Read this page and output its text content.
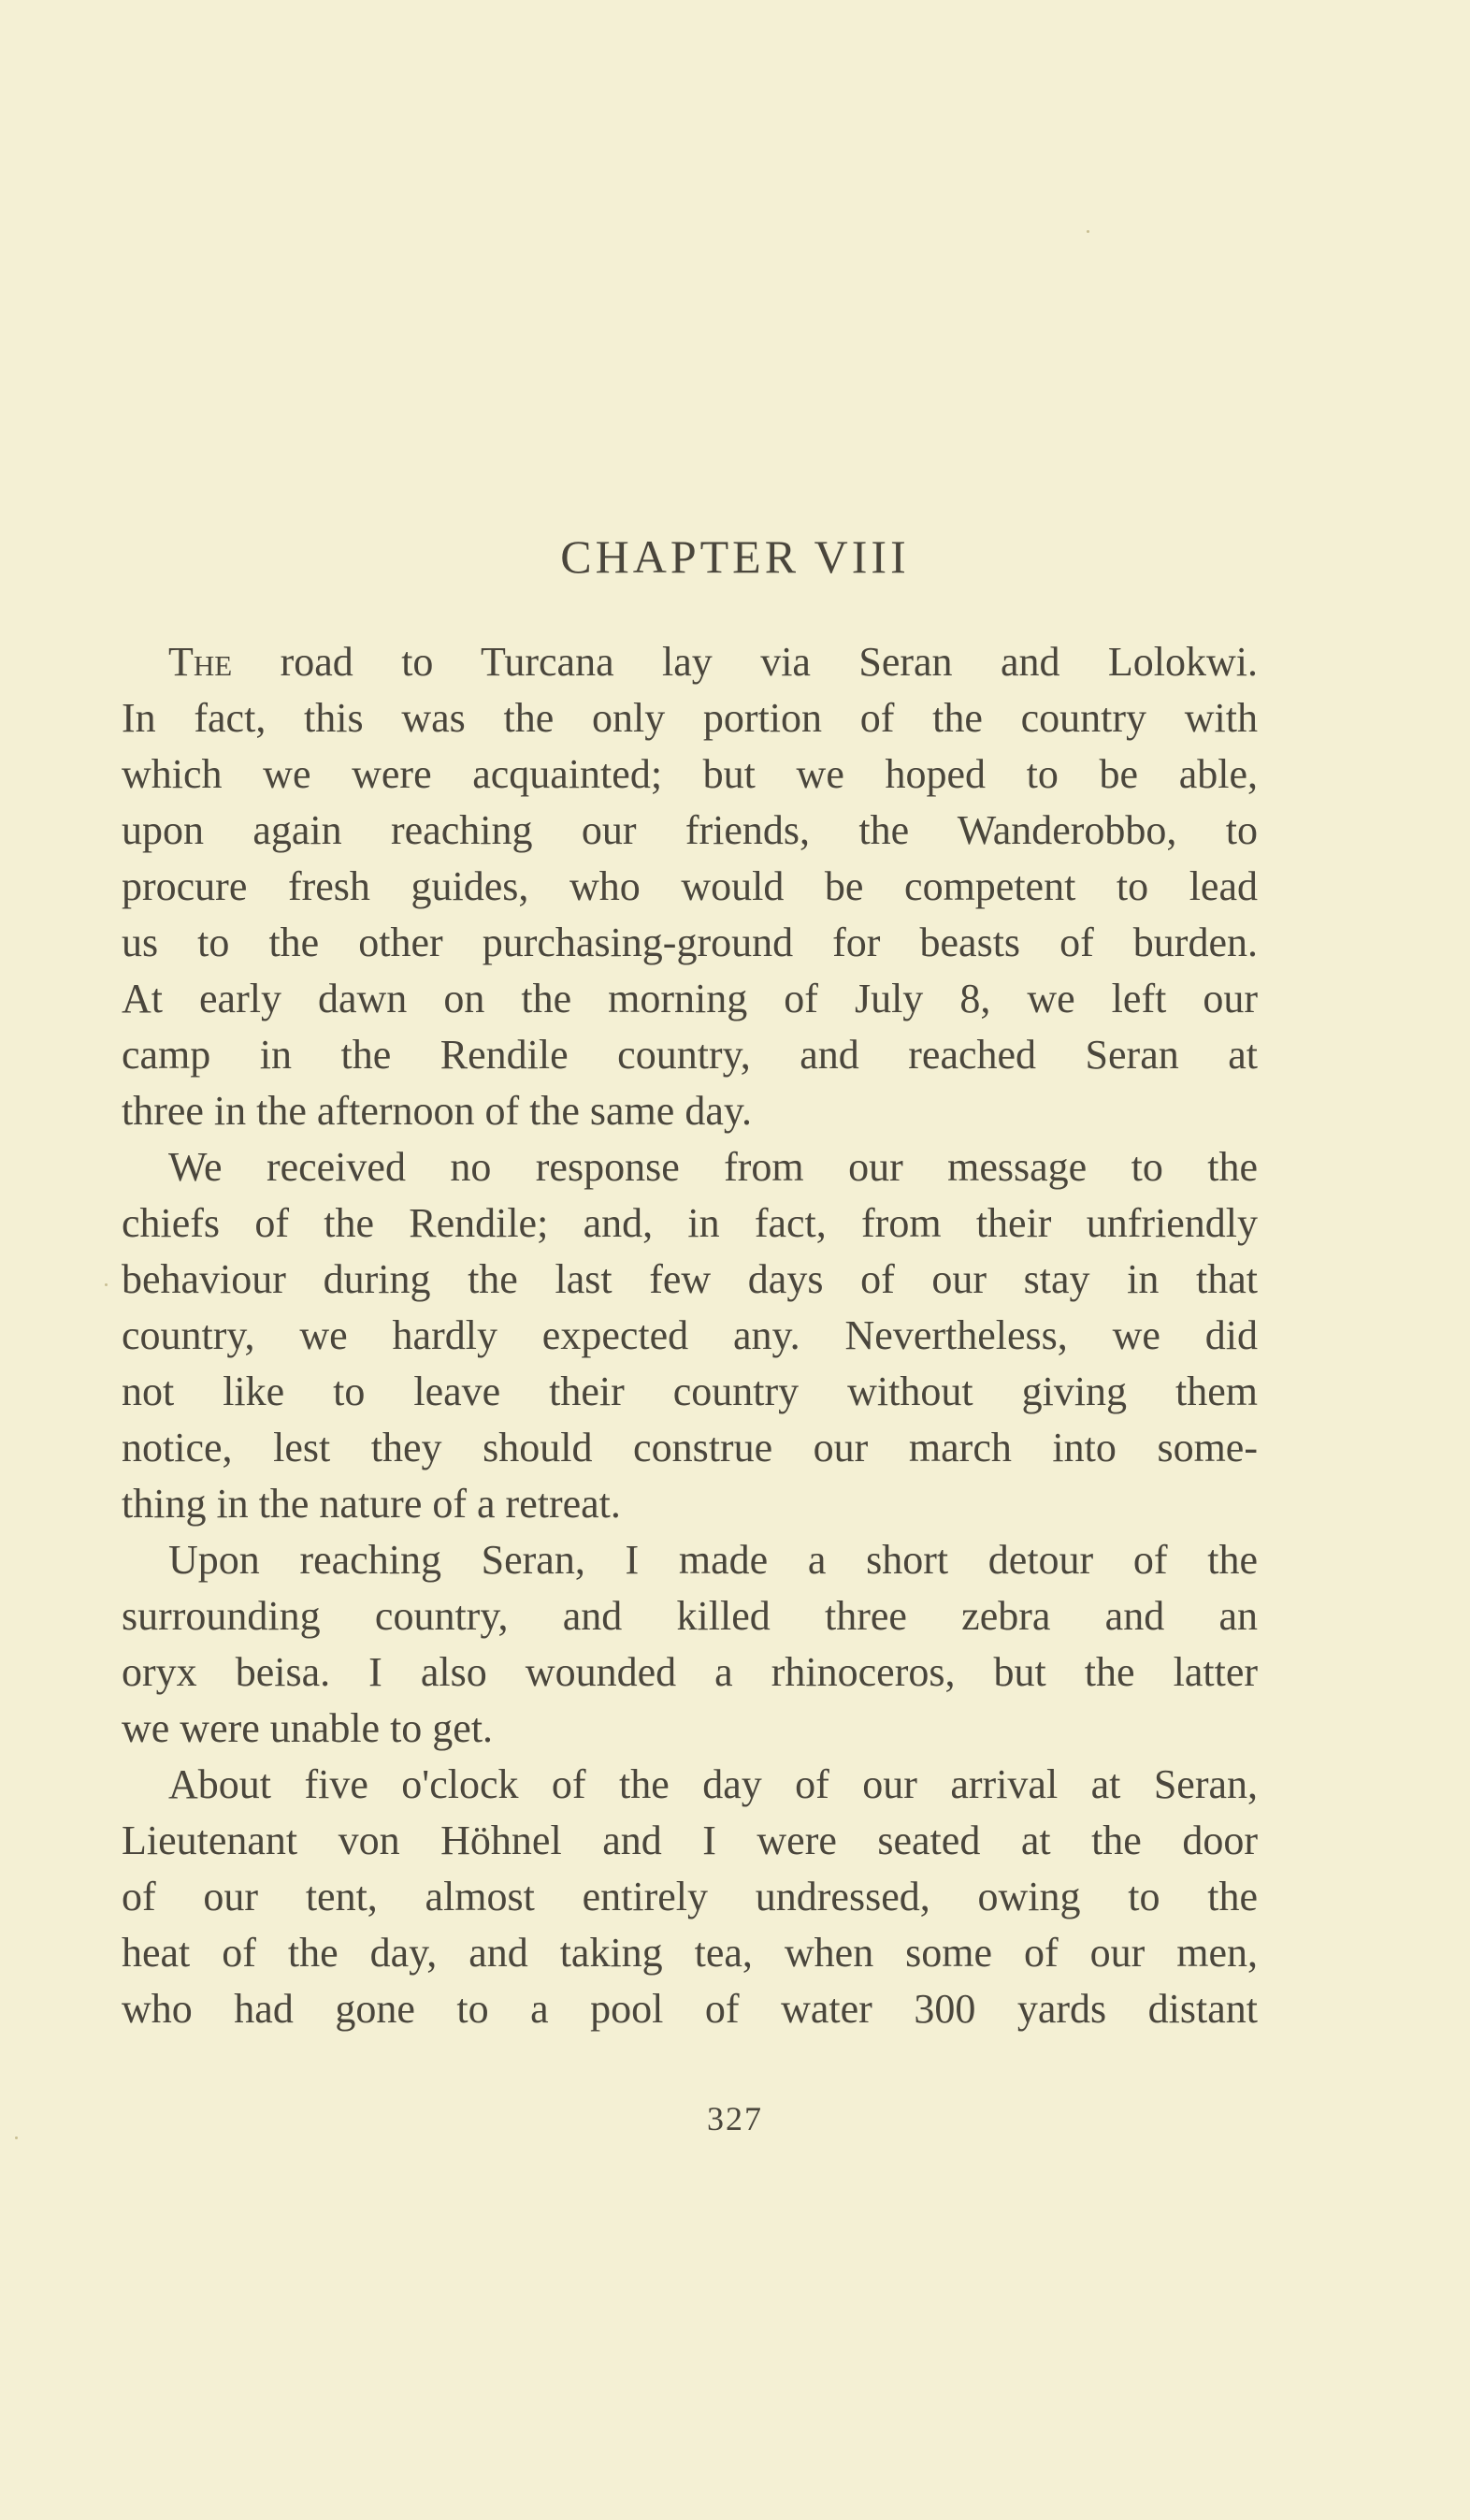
CHAPTER VIII
The road to Turcana lay via Seran and Lolokwi.
In fact, this was the only portion of the country with
which we were acquainted; but we hoped to be able,
upon again reaching our friends, the Wanderobbo, to
procure fresh guides, who would be competent to lead
us to the other purchasing-ground for beasts of burden.
At early dawn on the morning of July 8, we left our
camp in the Rendile country, and reached Seran at
three in the afternoon of the same day.
We received no response from our message to the
chiefs of the Rendile; and, in fact, from their unfriendly
behaviour during the last few days of our stay in that
country, we hardly expected any. Nevertheless, we did
not like to leave their country without giving them
notice, lest they should construe our march into some-
thing in the nature of a retreat.
Upon reaching Seran, I made a short detour of the
surrounding country, and killed three zebra and an
oryx beisa. I also wounded a rhinoceros, but the latter
we were unable to get.
About five o'clock of the day of our arrival at Seran,
Lieutenant von Höhnel and I were seated at the door
of our tent, almost entirely undressed, owing to the
heat of the day, and taking tea, when some of our men,
who had gone to a pool of water 300 yards distant
327
